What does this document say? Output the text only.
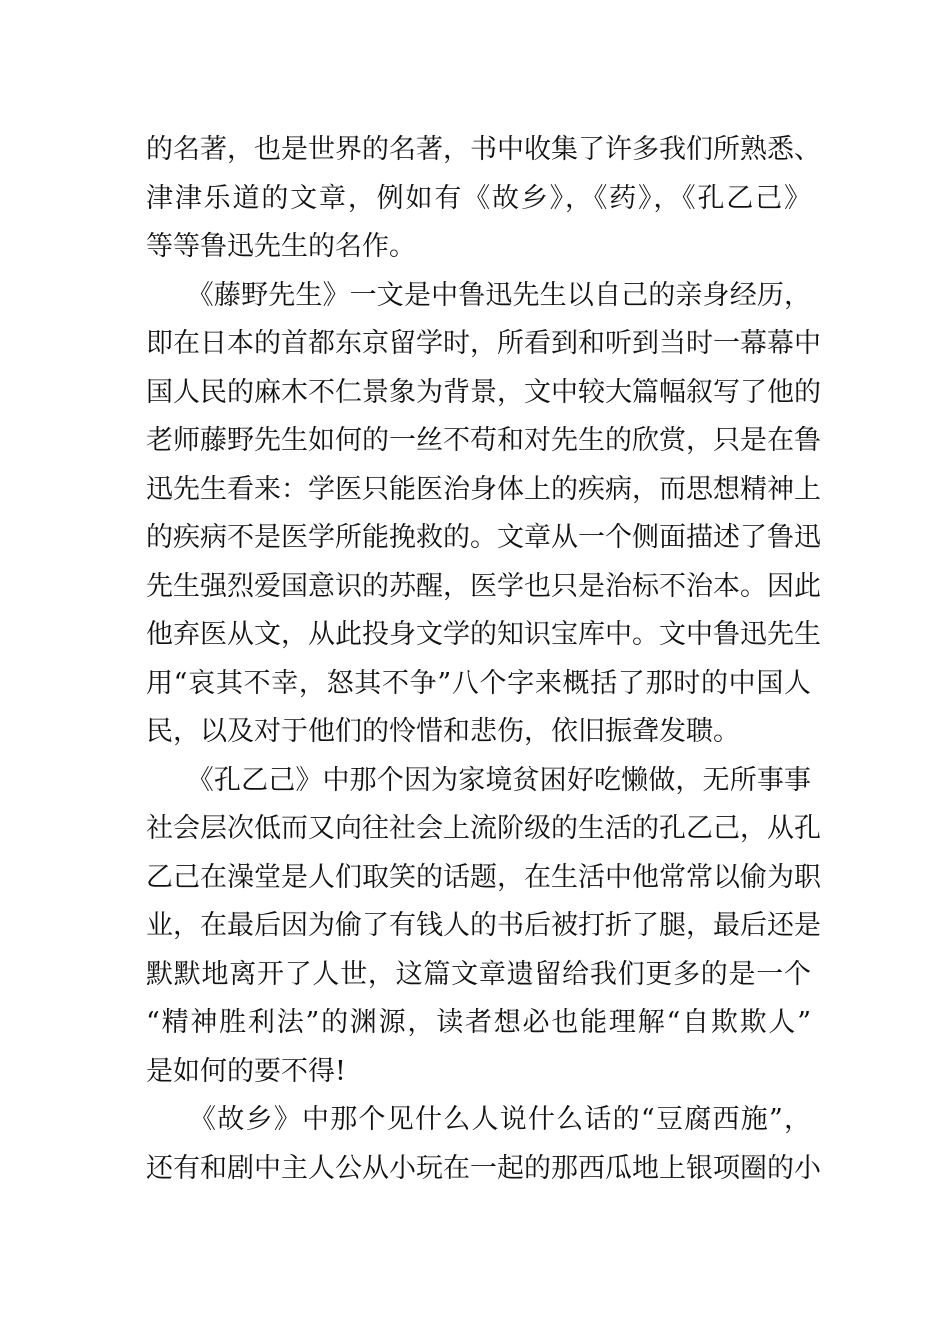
的名著，也是世界的名著，书中收集了许多我们所熟悉、
津津乐道的文章，例如有《故乡》，《药》，《孔乙己》
等等鲁迅先生的名作。

　　《藤野先生》一文是中鲁迅先生以自己的亲身经历，
即在日本的首都东京留学时，所看到和听到当时一幕幕中
国人民的麻木不仁景象为背景，文中较大篇幅叙写了他的
老师藤野先生如何的一丝不苟和对先生的欣赏，只是在鲁
迅先生看来：学医只能医治身体上的疾病，而思想精神上
的疾病不是医学所能挽救的。文章从一个侧面描述了鲁迅
先生强烈爱国意识的苏醒，医学也只是治标不治本。因此
他弃医从文，从此投身文学的知识宝库中。文中鲁迅先生
用“哀其不幸，怒其不争”八个字来概括了那时的中国人
民，以及对于他们的怜惜和悲伤，依旧振聋发聩。

　　《孔乙己》中那个因为家境贫困好吃懒做，无所事事
社会层次低而又向往社会上流阶级的生活的孔乙己，从孔
乙己在澡堂是人们取笑的话题，在生活中他常常以偷为职
业，在最后因为偷了有钱人的书后被打折了腿，最后还是
默默地离开了人世，这篇文章遗留给我们更多的是一个
“精神胜利法”的渊源，读者想必也能理解“自欺欺人”
是如何的要不得!

　　《故乡》中那个见什么人说什么话的“豆腐西施”，
还有和剧中主人公从小玩在一起的那西瓜地上银项圈的小
